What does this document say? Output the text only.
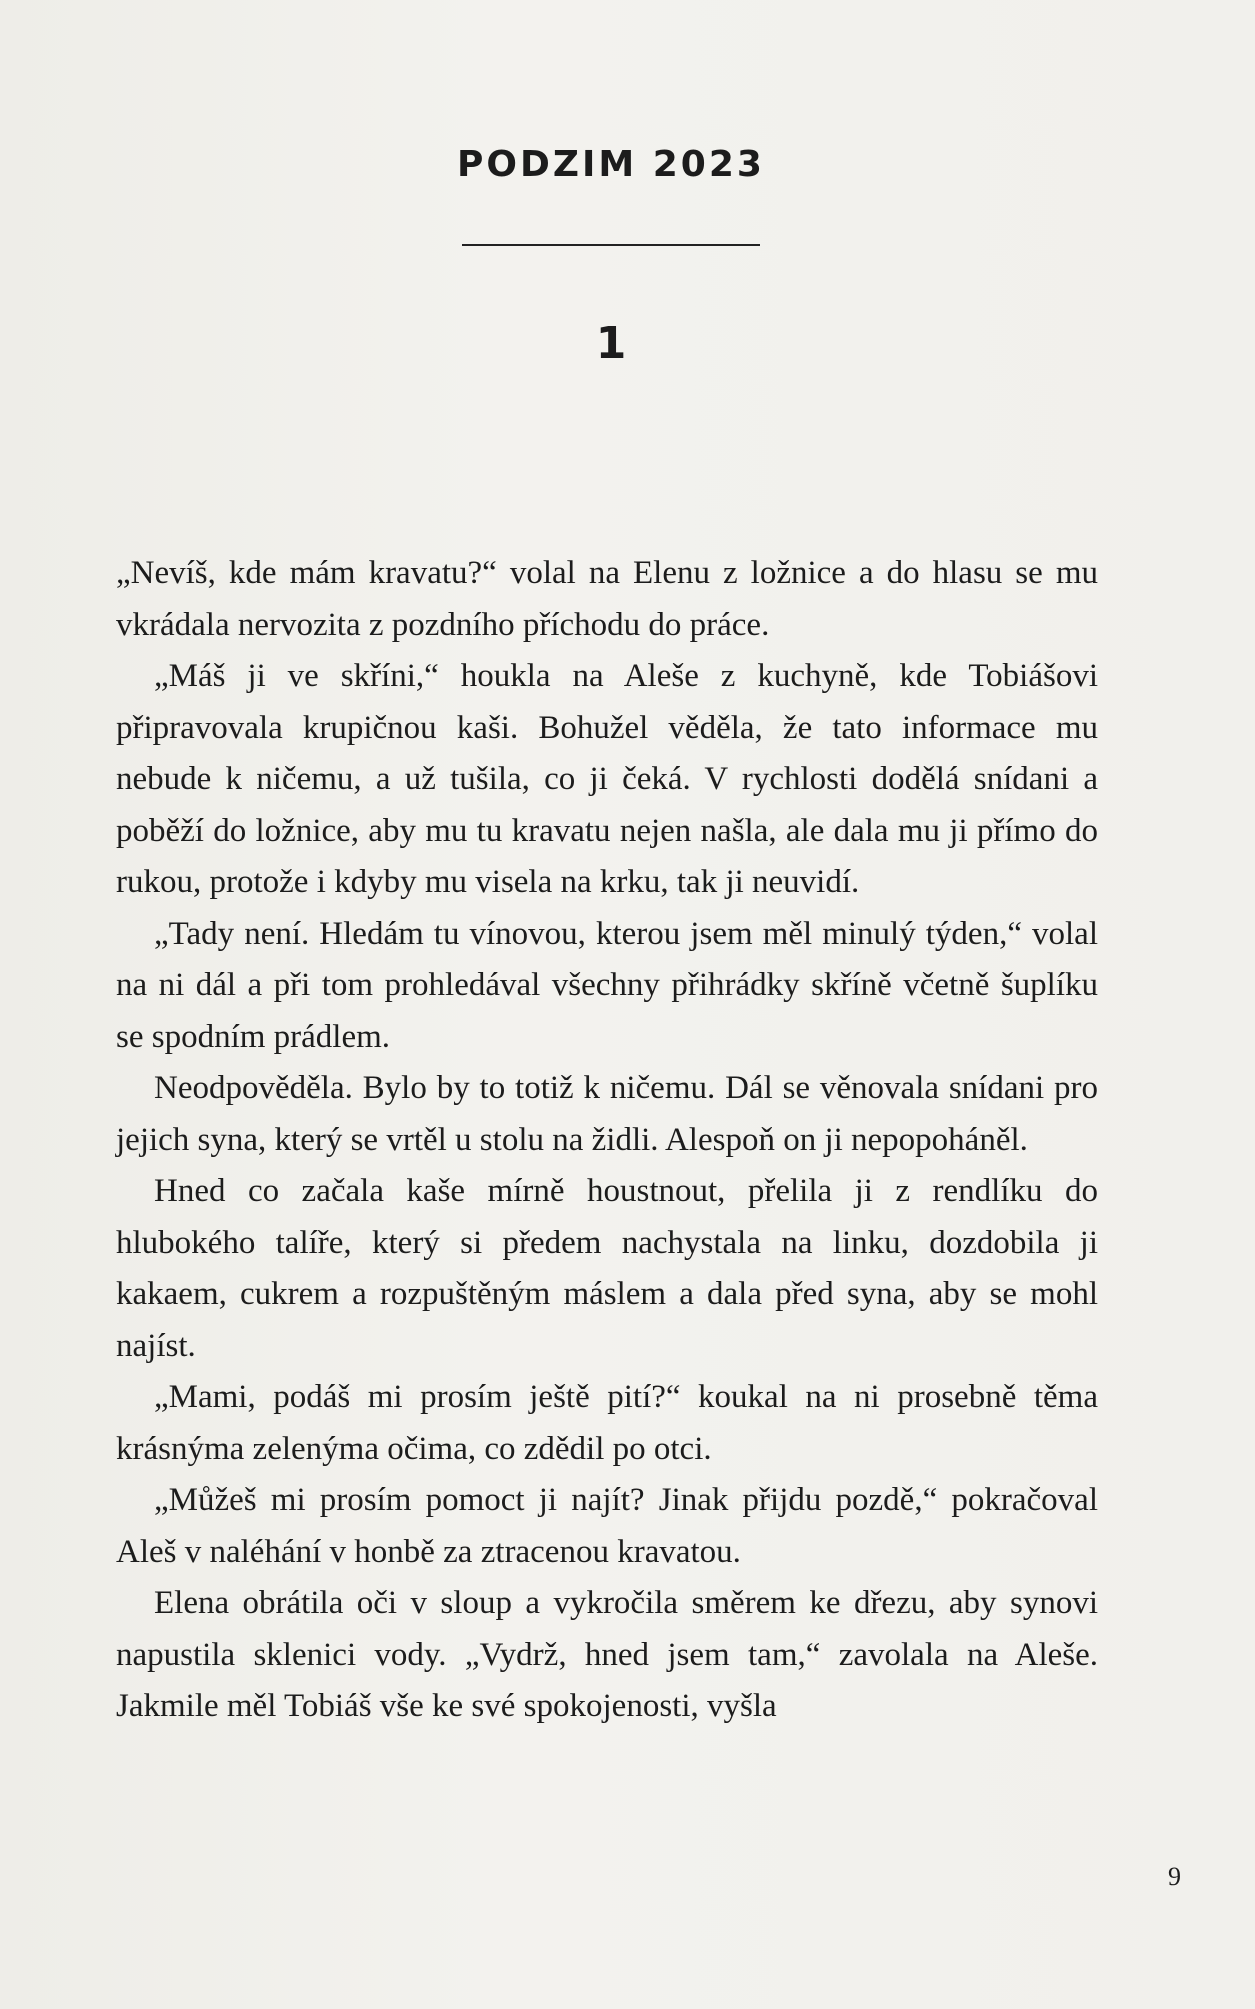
PODZIM 2023
1

„Nevíš, kde mám kravatu?“ volal na Elenu z ložnice a do hlasu se mu vkrádala nervozita z pozdního příchodu do práce.

„Máš ji ve skříni,“ houkla na Aleše z kuchyně, kde Tobiášovi připravovala krupičnou kaši. Bohužel věděla, že tato informace mu nebude k ničemu, a už tušila, co ji čeká. V rychlosti dodělá snídani a poběží do ložnice, aby mu tu kravatu nejen našla, ale dala mu ji přímo do rukou, protože i kdyby mu visela na krku, tak ji neuvidí.

„Tady není. Hledám tu vínovou, kterou jsem měl minulý týden,“ volal na ni dál a při tom prohledával všechny přihrádky skříně včetně šuplíku se spodním prádlem.

Neodpověděla. Bylo by to totiž k ničemu. Dál se věnovala snídani pro jejich syna, který se vrtěl u stolu na židli. Alespoň on ji nepopoháněl.

Hned co začala kaše mírně houstnout, přelila ji z rendlíku do hlubokého talíře, který si předem nachystala na linku, dozdobila ji kakaem, cukrem a rozpuštěným máslem a dala před syna, aby se mohl najíst.

„Mami, podáš mi prosím ještě pití?“ koukal na ni prosebně těma krásnýma zelenýma očima, co zdědil po otci.

„Můžeš mi prosím pomoct ji najít? Jinak přijdu pozdě,“ pokračoval Aleš v naléhání v honbě za ztracenou kravatou.

Elena obrátila oči v sloup a vykročila směrem ke dřezu, aby synovi napustila sklenici vody. „Vydrž, hned jsem tam,“ zavolala na Aleše. Jakmile měl Tobiáš vše ke své spokojenosti, vyšla

9
